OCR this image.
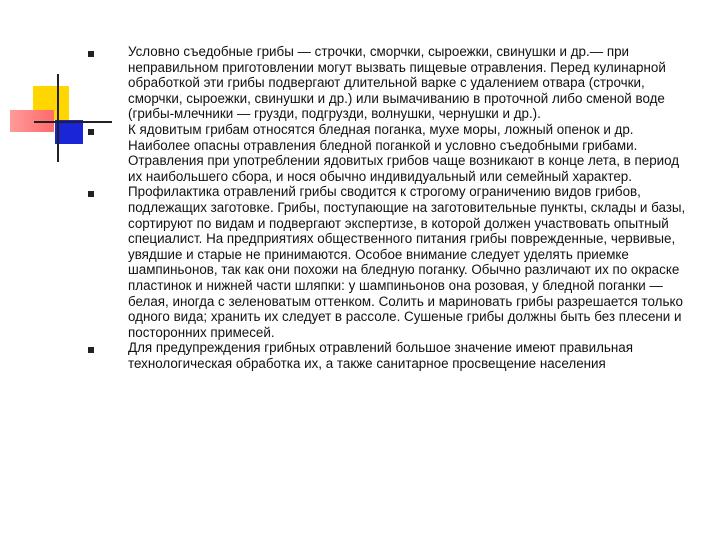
Условно съедобные грибы — строчки, сморчки, сыроежки, свинушки и др.— при неправильном приготовлении могут вызвать пищевые отравления. Перед кулинарной обработкой эти грибы подвергают длительной варке с удалением отвара (строчки, сморчки, сыроежки, свинушки и др.) или вымачиванию в проточной либо сменой воде (грибы-млечники — грузди, подгрузди, волнушки, чернушки и др.).
К ядовитым грибам относятся бледная поганка, мухе моры, ложный опенок и др. Наиболее опасны отравления бледной поганкой и условно съедобными грибами. Отравления при употреблении ядовитых грибов чаще возникают в конце лета, в период их наибольшего сбора, и нося обычно индивидуальный или семейный характер.
Профилактика отравлений грибы сводится к строгому ограничению видов грибов, подлежащих заготовке. Грибы, поступающие на заготовительные пункты, склады и базы, сортируют по видам и подвергают экспертизе, в которой должен участвовать опытный специалист. На предприятиях общественного питания грибы поврежденные, червивые, увядшие и старые не принимаются. Особое внимание следует уделять приемке шампиньонов, так как они похожи на бледную поганку. Обычно различают их по окраске пластинок и нижней части шляпки: у шампиньонов она розовая, у бледной поганки — белая, иногда с зеленоватым оттенком. Солить и мариновать грибы разрешается только одного вида; хранить их следует в рассоле. Сушеные грибы должны быть без плесени и посторонних примесей.
Для предупреждения грибных отравлений большое значение имеют правильная технологическая обработка их, а также санитарное просвещение населения
